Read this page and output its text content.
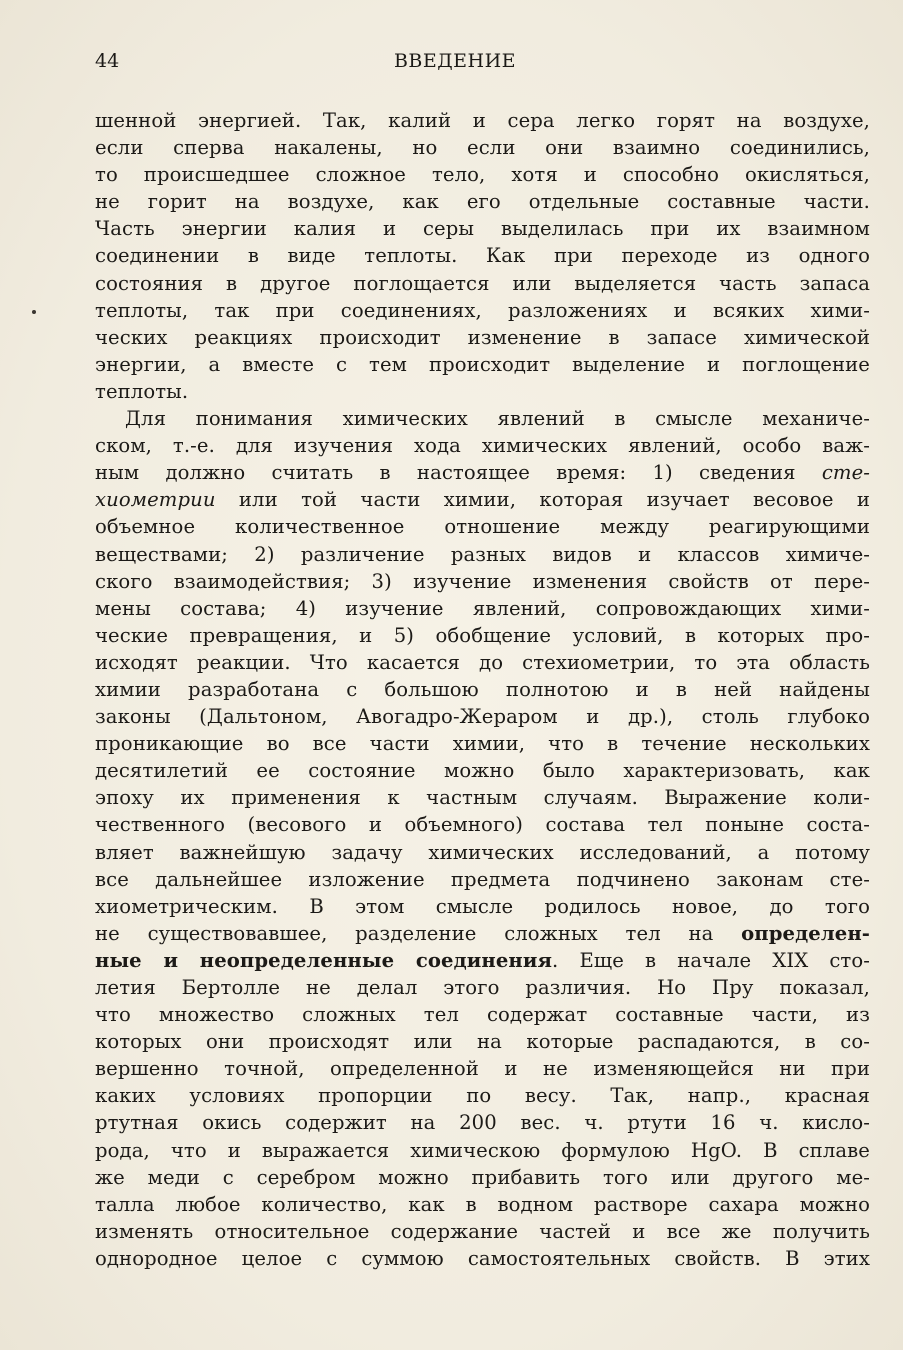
44	ВВЕДЕНИЕ
шенной энергией. Так, калий и сера легко горят на воздухе,
если сперва накалены, но если они взаимно соединились,
то происшедшее сложное тело, хотя и способно окисляться,
не горит на воздухе, как его отдельные составные части.
Часть энергии калия и серы выделилась при их взаимном
соединении в виде теплоты. Как при переходе из одного
состояния в другое поглощается или выделяется часть запаса
теплоты, так при соединениях, разложениях и всяких хими-
ческих реакциях происходит изменение в запасе химической
энергии, а вместе с тем происходит выделение и поглощение
теплоты.
Для понимания химических явлений в смысле механиче-
ском, т.-е. для изучения хода химических явлений, особо важ-
ным должно считать в настоящее время: 1) сведения сте-
хиометрии или той части химии, которая изучает весовое и
объемное количественное отношение между реагирующими
веществами; 2) различение разных видов и классов химиче-
ского взаимодействия; 3) изучение изменения свойств от пере-
мены состава; 4) изучение явлений, сопровождающих хими-
ческие превращения, и 5) обобщение условий, в которых про-
исходят реакции. Что касается до стехиометрии, то эта область
химии разработана с большою полнотою и в ней найдены
законы (Дальтоном, Авогадро-Жераром и др.), столь глубоко
проникающие во все части химии, что в течение нескольких
десятилетий ее состояние можно было характеризовать, как
эпоху их применения к частным случаям. Выражение коли-
чественного (весового и объемного) состава тел поныне соста-
вляет важнейшую задачу химических исследований, а потому
все дальнейшее изложение предмета подчинено законам сте-
хиометрическим. В этом смысле родилось новое, до того
не существовавшее, разделение сложных тел на определен-
ные и неопределенные соединения. Еще в начале XIX сто-
летия Бертолле не делал этого различия. Но Пру показал,
что множество сложных тел содержат составные части, из
которых они происходят или на которые распадаются, в со-
вершенно точной, определенной и не изменяющейся ни при
каких условиях пропорции по весу. Так, напр., красная
ртутная окись содержит на 200 вес. ч. ртути 16 ч. кисло-
рода, что и выражается химическою формулою HgO. В сплаве
же меди с серебром можно прибавить того или другого ме-
талла любое количество, как в водном растворе сахара можно
изменять относительное содержание частей и все же получить
однородное целое с суммою самостоятельных свойств. В этих
